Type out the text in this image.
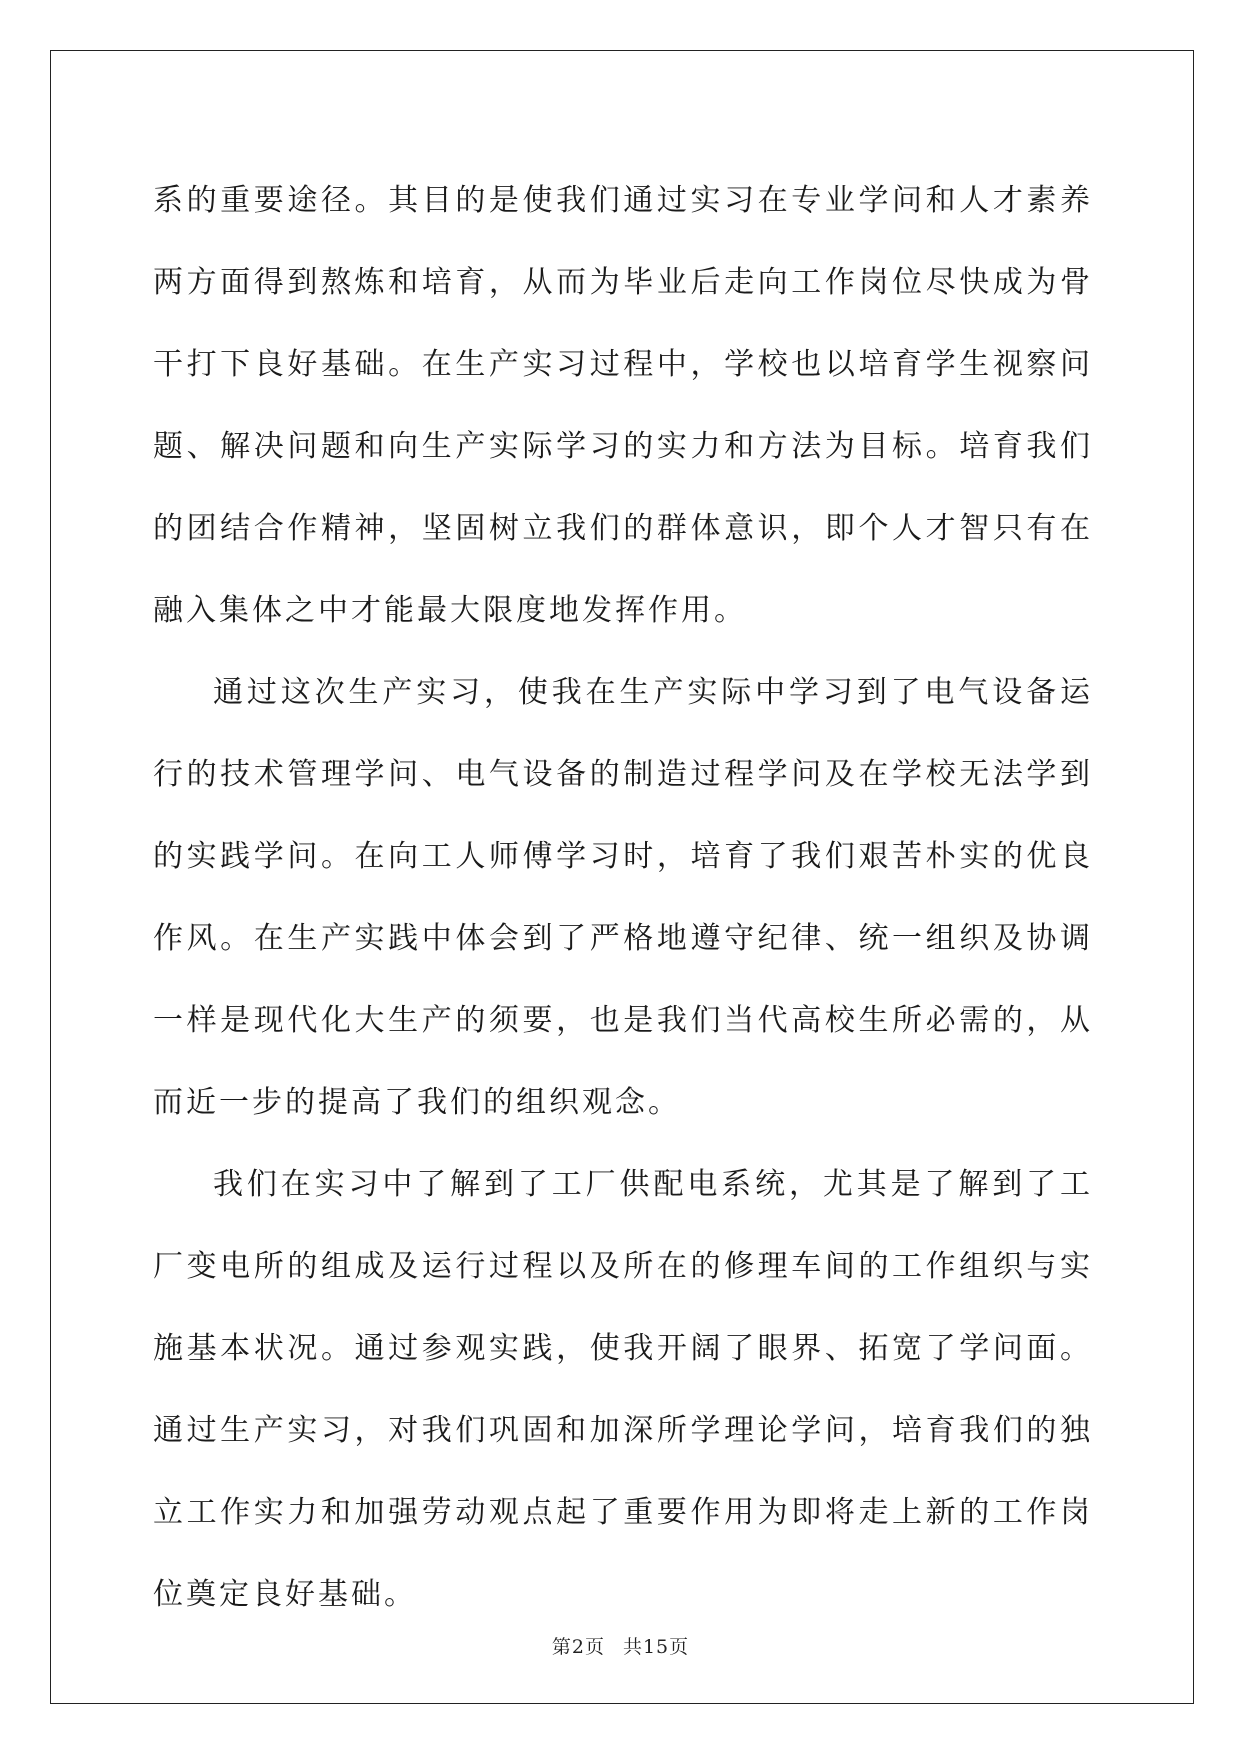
系的重要途径。其目的是使我们通过实习在专业学问和人才素养两方面得到熬炼和培育，从而为毕业后走向工作岗位尽快成为骨干打下良好基础。在生产实习过程中，学校也以培育学生视察问题、解决问题和向生产实际学习的实力和方法为目标。培育我们的团结合作精神，坚固树立我们的群体意识，即个人才智只有在融入集体之中才能最大限度地发挥作用。

通过这次生产实习，使我在生产实际中学习到了电气设备运行的技术管理学问、电气设备的制造过程学问及在学校无法学到的实践学问。在向工人师傅学习时，培育了我们艰苦朴实的优良作风。在生产实践中体会到了严格地遵守纪律、统一组织及协调一样是现代化大生产的须要，也是我们当代高校生所必需的，从而近一步的提高了我们的组织观念。

我们在实习中了解到了工厂供配电系统，尤其是了解到了工厂变电所的组成及运行过程以及所在的修理车间的工作组织与实施基本状况。通过参观实践，使我开阔了眼界、拓宽了学问面。通过生产实习，对我们巩固和加深所学理论学问，培育我们的独立工作实力和加强劳动观点起了重要作用为即将走上新的工作岗位奠定良好基础。

第2页 共15页
